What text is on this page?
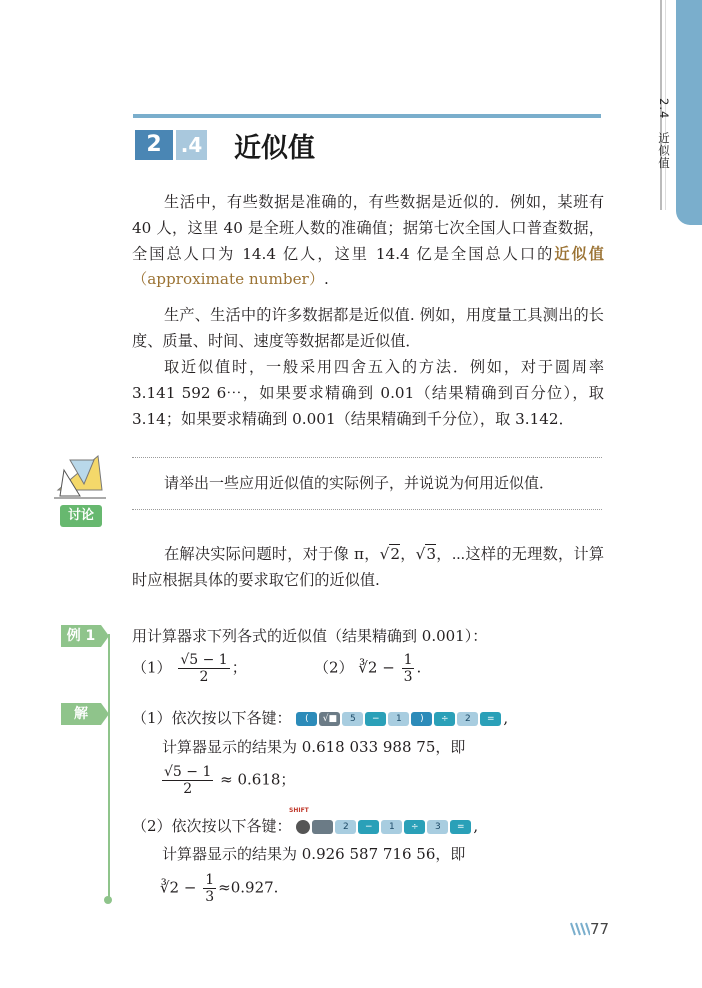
2.4　近似值
2 .4 近似值

生活中，有些数据是准确的，有些数据是近似的．例如，某班有 40 人，这里 40 是全班人数的准确值；据第七次全国人口普查数据，全国总人口为 14.4 亿人，这里 14.4 亿是全国总人口的近似值（approximate number）.

生产、生活中的许多数据都是近似值. 例如，用度量工具测出的长度、质量、时间、速度等数据都是近似值．

取近似值时，一般采用四舍五入的方法．例如，对于圆周率 3.141 592 6⋯，如果要求精确到 0.01（结果精确到百分位），取 3.14；如果要求精确到 0.001（结果精确到千分位），取 3.142．

讨论
请举出一些应用近似值的实际例子，并说说为何用近似值．

在解决实际问题时，对于像 π，√2，√3，⋯这样的无理数，计算时应根据具体的要求取它们的近似值.

例 1	用计算器求下列各式的近似值（结果精确到 0.001）：
$(1) \frac{√5 - 1}{2}$ ；	（2） ∛2 − $\frac{1}{3}$ .
解	（1）依次按以下各键： ( √■ 5 − 1 ) ÷ 2 = ,
计算器显示的结果为 0.618 033 988 75，即
$\frac{√5 - 1}{2} \approx 0.618$；
SHIFT
（2）依次按以下各键：	2 − 1 ÷ 3 = ,
计算器显示的结果为 0.926 587 716 56，即
∛2 − $\frac{1}{3} \approx 0.927$.
77
